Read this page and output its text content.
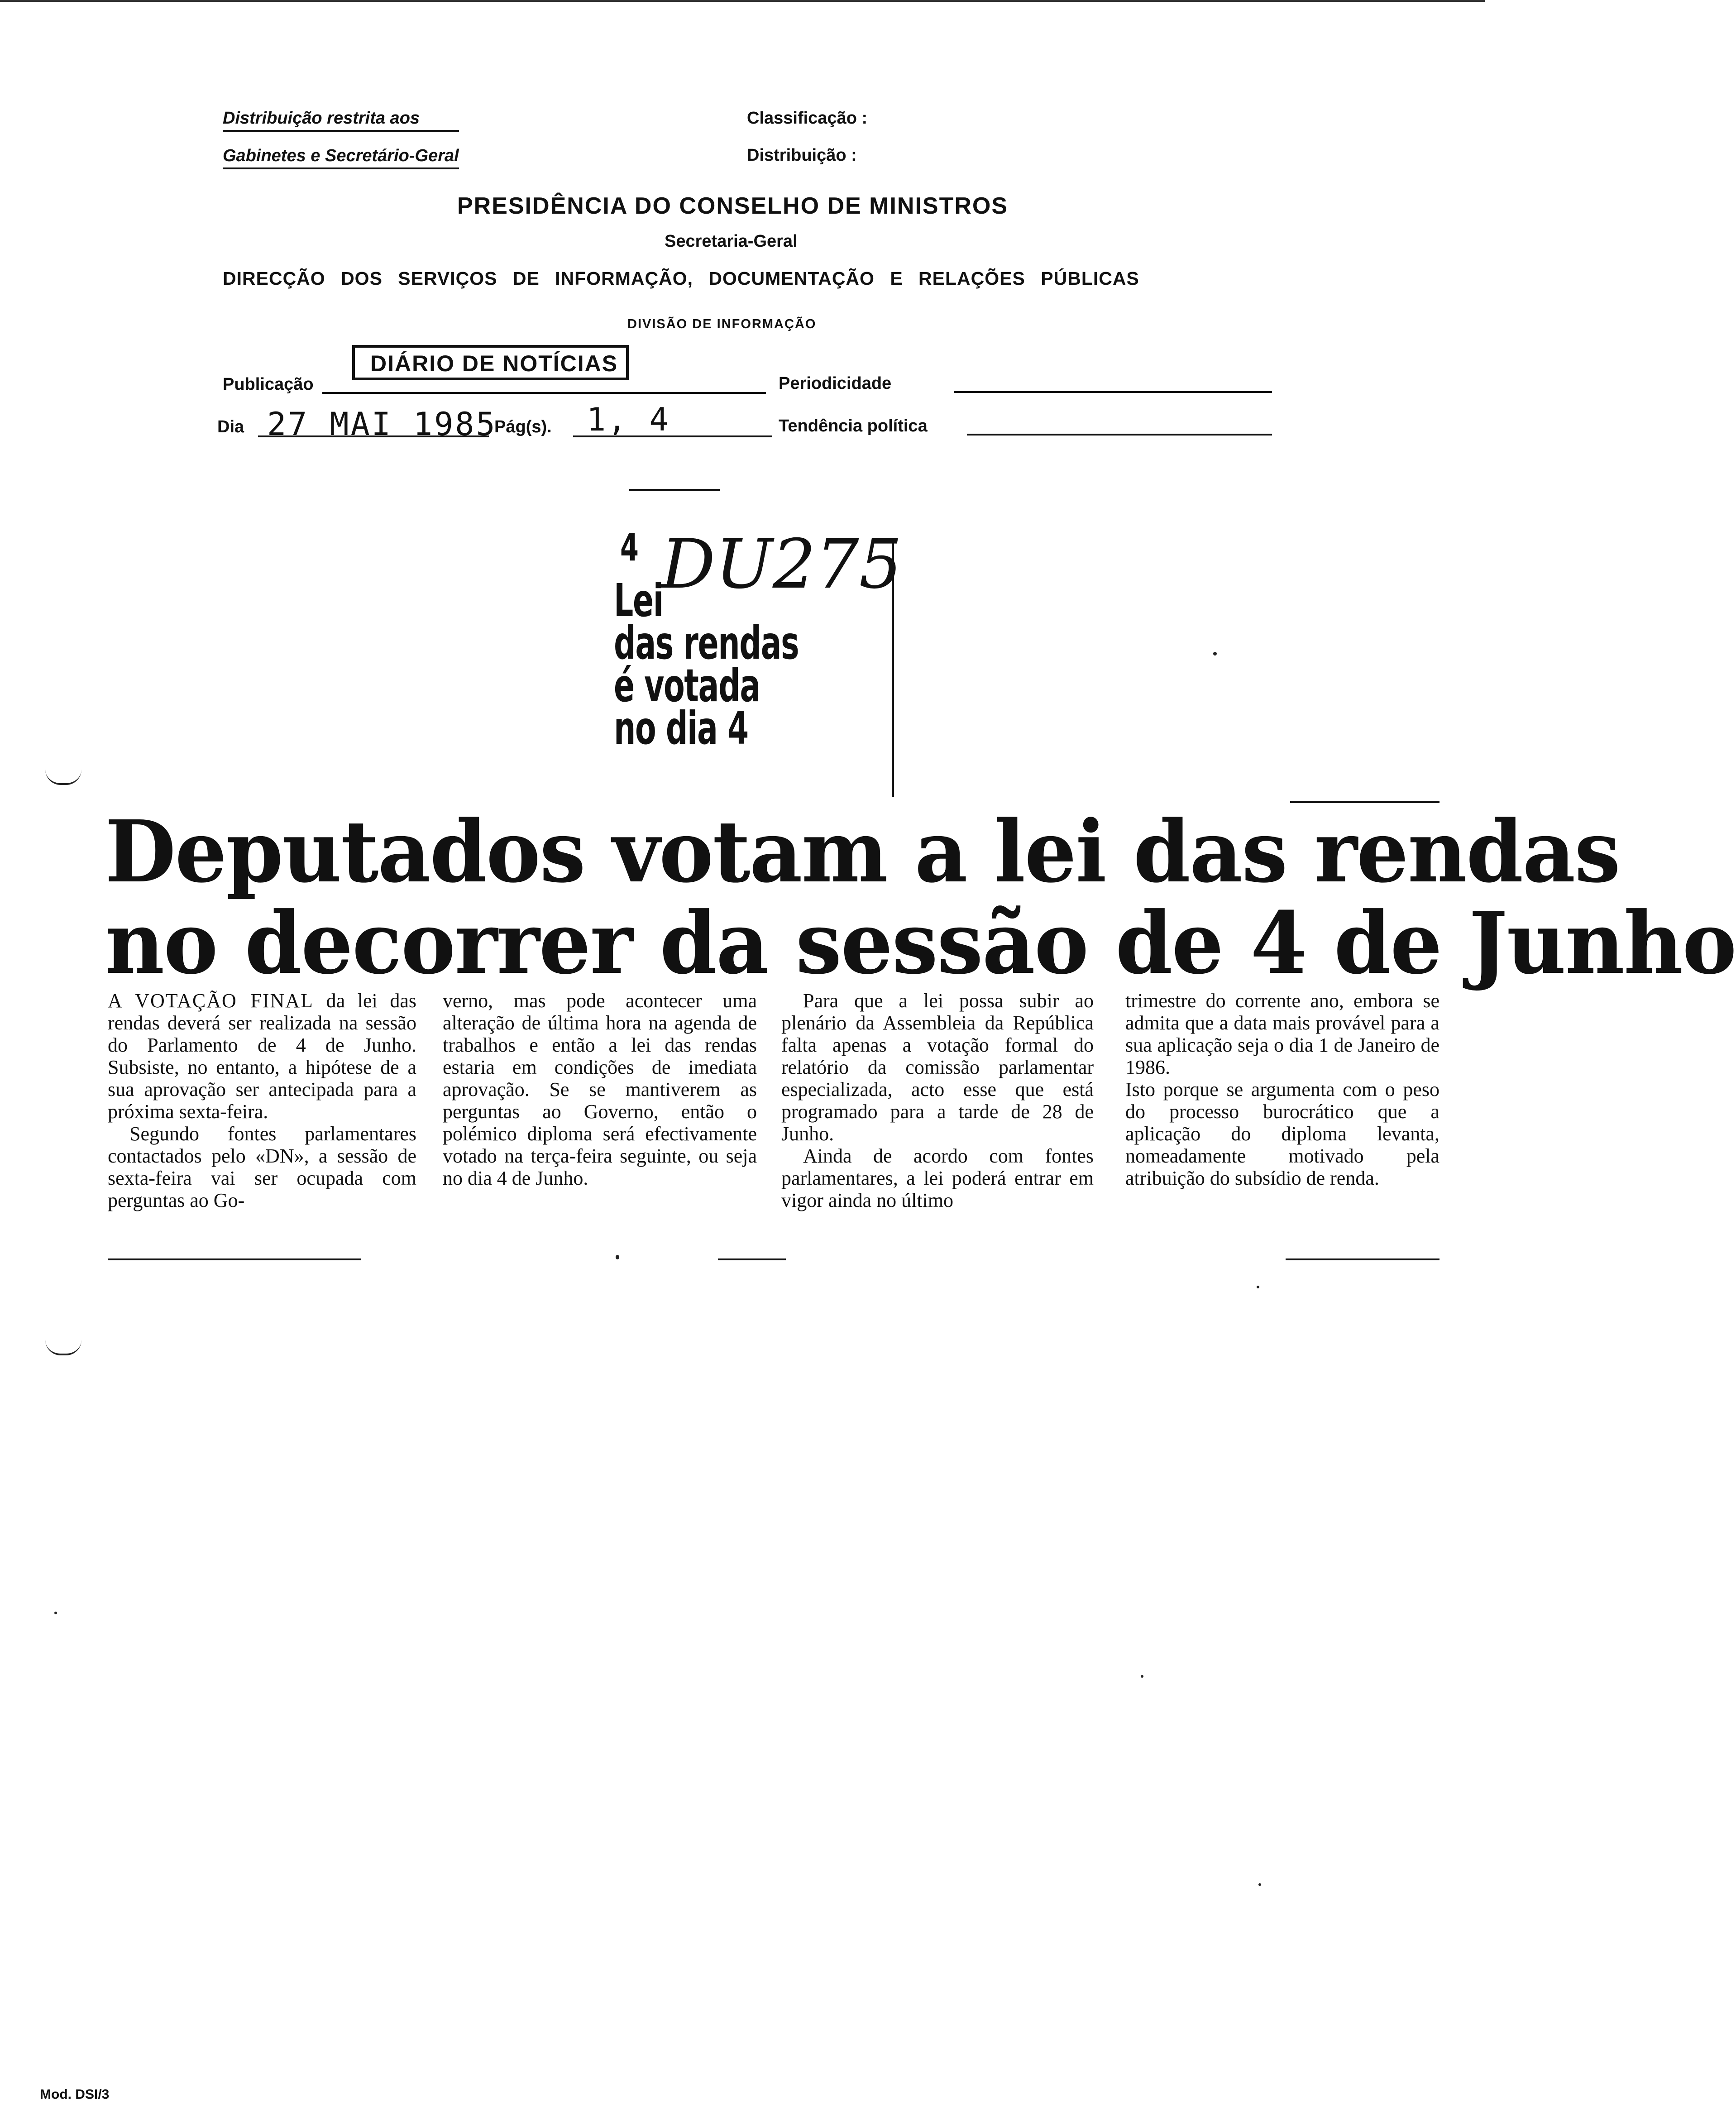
Distribuição restrita aos
Gabinetes e Secretário-Geral
Classificação :
Distribuição :
PRESIDÊNCIA DO CONSELHO DE MINISTROS
Secretaria-Geral
DIRECÇÃO DOS SERVIÇOS DE INFORMAÇÃO, DOCUMENTAÇÃO E RELAÇÕES PÚBLICAS
DIVISÃO DE INFORMAÇÃO
Publicação
DIÁRIO DE NOTÍCIAS
Periodicidade
Dia 27 MAI 1985
Pág(s). 1, 4	Tendência política
4
Lei
das rendas
é votada
no dia 4
DU275
Deputados votam a lei das rendas
no decorrer da sessão de 4 de Junho

A VOTAÇÃO FINAL da lei das rendas deverá ser realizada na sessão do Parlamento de 4 de Junho. Subsiste, no entanto, a hipótese de a sua aprovação ser antecipada para a próxima sexta-feira.

Segundo fontes parlamentares contactados pelo «DN», a sessão de sexta-feira vai ser ocupada com perguntas ao Go-

verno, mas pode acontecer uma alteração de última hora na agenda de trabalhos e então a lei das rendas estaria em condições de imediata aprovação. Se se mantiverem as perguntas ao Governo, então o polémico diploma será efectivamente votado na terça-feira seguinte, ou seja no dia 4 de Junho.

Para que a lei possa subir ao plenário da Assembleia da República falta apenas a votação formal do relatório da comissão parlamentar especializada, acto esse que está programado para a tarde de 28 de Junho.

Ainda de acordo com fontes parlamentares, a lei poderá entrar em vigor ainda no último

trimestre do corrente ano, embora se admita que a data mais provável para a sua aplicação seja o dia 1 de Janeiro de 1986.

Isto porque se argumenta com o peso do processo burocrático que a aplicação do diploma levanta, nomeadamente motivado pela atribuição do subsídio de renda.

Mod. DSI/3
